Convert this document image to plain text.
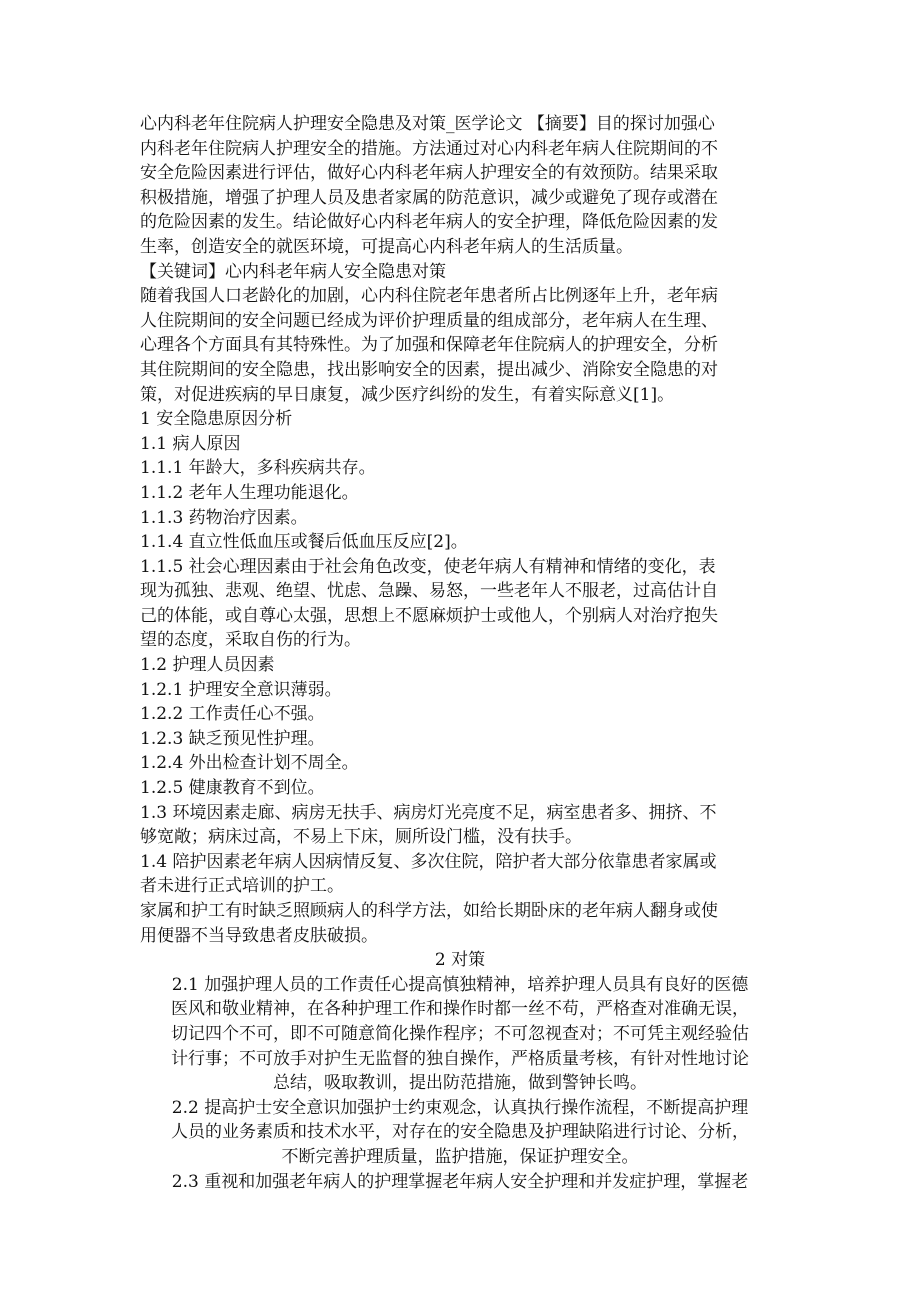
心内科老年住院病人护理安全隐患及对策_医学论文 【摘要】目的探讨加强心

内科老年住院病人护理安全的措施。方法通过对心内科老年病人住院期间的不

安全危险因素进行评估，做好心内科老年病人护理安全的有效预防。结果采取

积极措施，增强了护理人员及患者家属的防范意识，减少或避免了现存或潜在

的危险因素的发生。结论做好心内科老年病人的安全护理，降低危险因素的发

生率，创造安全的就医环境，可提高心内科老年病人的生活质量。

【关键词】心内科老年病人安全隐患对策

随着我国人口老龄化的加剧，心内科住院老年患者所占比例逐年上升，老年病

人住院期间的安全问题已经成为评价护理质量的组成部分，老年病人在生理、

心理各个方面具有其特殊性。为了加强和保障老年住院病人的护理安全，分析

其住院期间的安全隐患，找出影响安全的因素，提出减少、消除安全隐患的对

策，对促进疾病的早日康复，减少医疗纠纷的发生，有着实际意义[1]。

1 安全隐患原因分析

1.1 病人原因

1.1.1 年龄大，多科疾病共存。

1.1.2 老年人生理功能退化。

1.1.3 药物治疗因素。

1.1.4 直立性低血压或餐后低血压反应[2]。

1.1.5 社会心理因素由于社会角色改变，使老年病人有精神和情绪的变化，表

现为孤独、悲观、绝望、忧虑、急躁、易怒，一些老年人不服老，过高估计自

己的体能，或自尊心太强，思想上不愿麻烦护士或他人，个别病人对治疗抱失

望的态度，采取自伤的行为。

1.2 护理人员因素

1.2.1 护理安全意识薄弱。

1.2.2 工作责任心不强。

1.2.3 缺乏预见性护理。

1.2.4 外出检查计划不周全。

1.2.5 健康教育不到位。

1.3 环境因素走廊、病房无扶手、病房灯光亮度不足，病室患者多、拥挤、不

够宽敞；病床过高，不易上下床，厕所设门槛，没有扶手。

1.4 陪护因素老年病人因病情反复、多次住院，陪护者大部分依靠患者家属或

者未进行正式培训的护工。

家属和护工有时缺乏照顾病人的科学方法，如给长期卧床的老年病人翻身或使

用便器不当导致患者皮肤破损。

2 对策

2.1 加强护理人员的工作责任心提高慎独精神，培养护理人员具有良好的医德

医风和敬业精神，在各种护理工作和操作时都一丝不苟，严格查对准确无误，

切记四个不可，即不可随意简化操作程序；不可忽视查对；不可凭主观经验估

计行事；不可放手对护生无监督的独自操作，严格质量考核，有针对性地讨论

总结，吸取教训，提出防范措施，做到警钟长鸣。

2.2 提高护士安全意识加强护士约束观念，认真执行操作流程，不断提高护理

人员的业务素质和技术水平，对存在的安全隐患及护理缺陷进行讨论、分析，

不断完善护理质量，监护措施，保证护理安全。

2.3 重视和加强老年病人的护理掌握老年病人安全护理和并发症护理，掌握老
